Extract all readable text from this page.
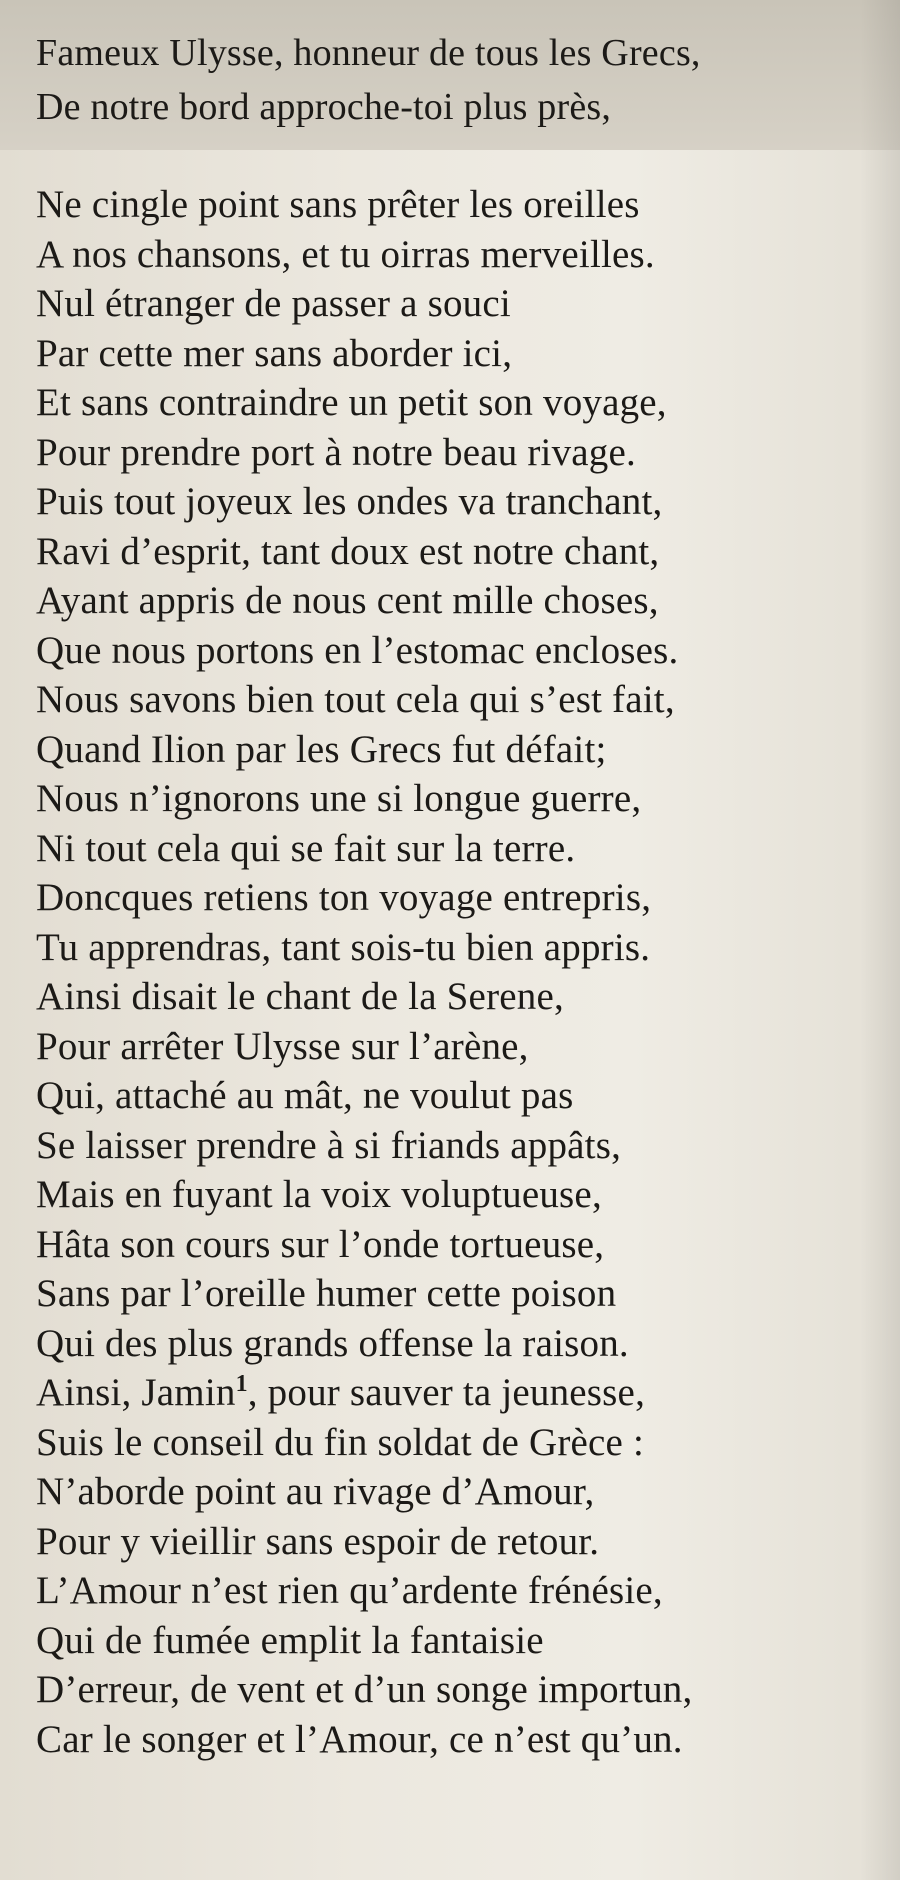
Fameux Ulysse, honneur de tous les Grecs,
De notre bord approche-toi plus près,
Ne cingle point sans prêter les oreilles
A nos chansons, et tu oirras merveilles.
Nul étranger de passer a souci
Par cette mer sans aborder ici,
Et sans contraindre un petit son voyage,
Pour prendre port à notre beau rivage.
Puis tout joyeux les ondes va tranchant,
Ravi d’esprit, tant doux est notre chant,
Ayant appris de nous cent mille choses,
Que nous portons en l’estomac encloses.
Nous savons bien tout cela qui s’est fait,
Quand Ilion par les Grecs fut défait;
Nous n’ignorons une si longue guerre,
Ni tout cela qui se fait sur la terre.
Doncques retiens ton voyage entrepris,
Tu apprendras, tant sois-tu bien appris.
Ainsi disait le chant de la Serene,
Pour arrêter Ulysse sur l’arène,
Qui, attaché au mât, ne voulut pas
Se laisser prendre à si friands appâts,
Mais en fuyant la voix voluptueuse,
Hâta son cours sur l’onde tortueuse,
Sans par l’oreille humer cette poison
Qui des plus grands offense la raison.
Ainsi, Jamin$^1$, pour sauver ta jeunesse,
Suis le conseil du fin soldat de Grèce :
N’aborde point au rivage d’Amour,
Pour y vieillir sans espoir de retour.
L’Amour n’est rien qu’ardente frénésie,
Qui de fumée emplit la fantaisie
D’erreur, de vent et d’un songe importun,
Car le songer et l’Amour, ce n’est qu’un.
